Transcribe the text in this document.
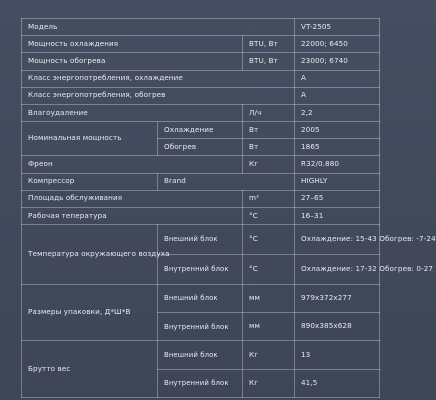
Модель			VT-2505
Мощность охлаждения		BTU, Вт	22000; 6450
Мощность обогрева		BTU, Вт	23000; 6740
Класс энергопотребления, охлаждение			A
Класс энергопотребления, обогрев			A
Влагоудаление		Л/ч	2,2
Номинальная мощность	Охлаждение	Вт	2005
	Обогрев	Вт	1865
Фреон		Кг	R32/0.880
Компрессор	Brand		HIGHLY
Площадь обслуживания		m²	27–65
Рабочая теператуpа		°C	16–31
Температура окружающего воздуха	Внешний блок	°C	Охлаждение: 15-43 Обогрев: -7-24
	Внутренний блок	°C	Охлаждение: 17-32 Обогрев: 0-27
Размеры упаковки, Д*Ш*В	Внешний блок	мм	979x372x277
	Внутренний блок	мм	890x385x628
Брутто вес	Внешний блок	Кг	13
	Внутренний блок	Кг	41,5
